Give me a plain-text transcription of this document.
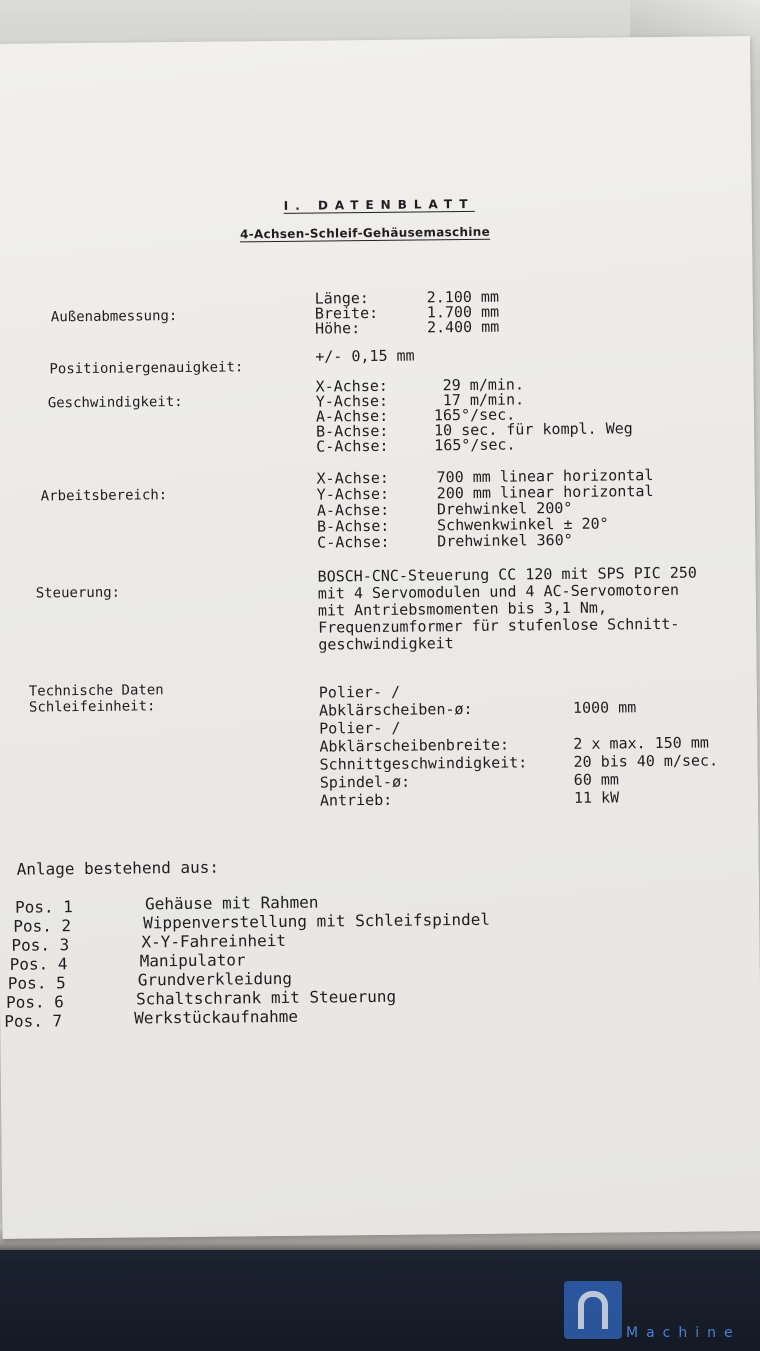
I. DATENBLATT
4-Achsen-Schleif-Gehäusemaschine
Außenabmessung:
Länge:	2.100 mm
Breite:	1.700 mm
Höhe:	2.400 mm
Positioniergenauigkeit:
+/- 0,15 mm
Geschwindigkeit:
X-Achse:	29 m/min.
Y-Achse:	17 m/min.
A-Achse:	165°/sec.
B-Achse:	10 sec. für kompl. Weg
C-Achse:	165°/sec.
Arbeitsbereich:
X-Achse:	700 mm linear horizontal
Y-Achse:	200 mm linear horizontal
A-Achse:	Drehwinkel 200°
B-Achse:	Schwenkwinkel ± 20°
C-Achse:	Drehwinkel 360°
Steuerung:
BOSCH-CNC-Steuerung CC 120 mit SPS PIC 250
mit 4 Servomodulen und 4 AC-Servomotoren
mit Antriebsmomenten bis 3,1 Nm,
Frequenzumformer für stufenlose Schnitt-
geschwindigkeit
Technische Daten
Schleifeinheit:
Polier- /
Abklärscheiben-ø:	1000 mm
Polier- /
Abklärscheibenbreite:	2 x max. 150 mm
Schnittgeschwindigkeit:	20 bis 40 m/sec.
Spindel-ø:	60 mm
Antrieb:	11 kW
Anlage bestehend aus:
Pos. 1	Gehäuse mit Rahmen
Pos. 2	Wippenverstellung mit Schleifspindel
Pos. 3	X-Y-Fahreinheit
Pos. 4	Manipulator
Pos. 5	Grundverkleidung
Pos. 6	Schaltschrank mit Steuerung
Pos. 7	Werkstückaufnahme
Machine
